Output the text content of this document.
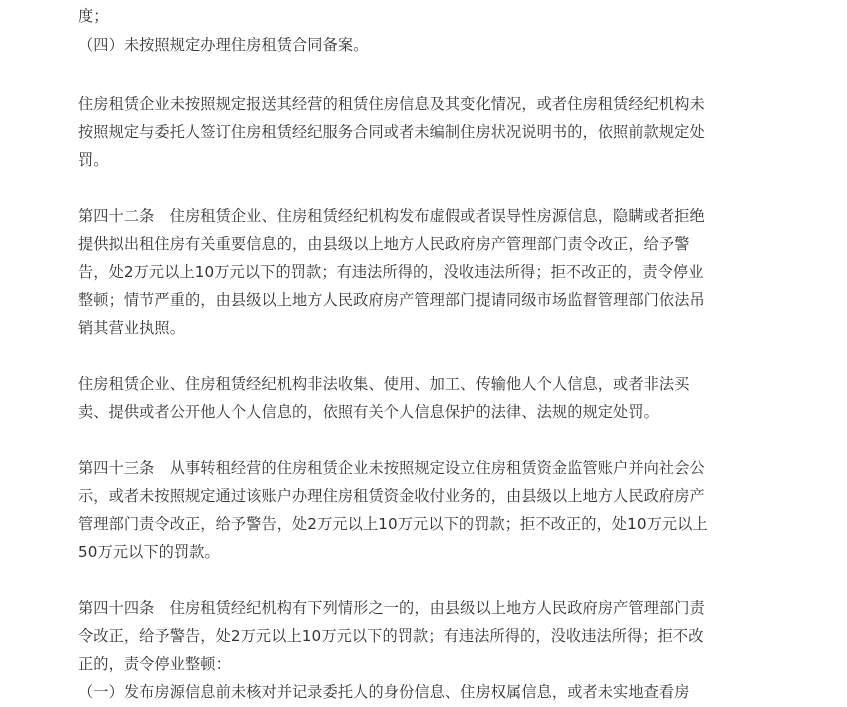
度；
（四）未按照规定办理住房租赁合同备案。
住房租赁企业未按照规定报送其经营的租赁住房信息及其变化情况，或者住房租赁经纪机构未
按照规定与委托人签订住房租赁经纪服务合同或者未编制住房状况说明书的，依照前款规定处
罚。
第四十二条　住房租赁企业、住房租赁经纪机构发布虚假或者误导性房源信息，隐瞒或者拒绝
提供拟出租住房有关重要信息的，由县级以上地方人民政府房产管理部门责令改正，给予警
告，处2万元以上10万元以下的罚款；有违法所得的，没收违法所得；拒不改正的，责令停业
整顿；情节严重的，由县级以上地方人民政府房产管理部门提请同级市场监督管理部门依法吊
销其营业执照。
住房租赁企业、住房租赁经纪机构非法收集、使用、加工、传输他人个人信息，或者非法买
卖、提供或者公开他人个人信息的，依照有关个人信息保护的法律、法规的规定处罚。
第四十三条　从事转租经营的住房租赁企业未按照规定设立住房租赁资金监管账户并向社会公
示，或者未按照规定通过该账户办理住房租赁资金收付业务的，由县级以上地方人民政府房产
管理部门责令改正，给予警告，处2万元以上10万元以下的罚款；拒不改正的，处10万元以上
50万元以下的罚款。
第四十四条　住房租赁经纪机构有下列情形之一的，由县级以上地方人民政府房产管理部门责
令改正，给予警告，处2万元以上10万元以下的罚款；有违法所得的，没收违法所得；拒不改
正的，责令停业整顿：
（一）发布房源信息前未核对并记录委托人的身份信息、住房权属信息，或者未实地查看房
